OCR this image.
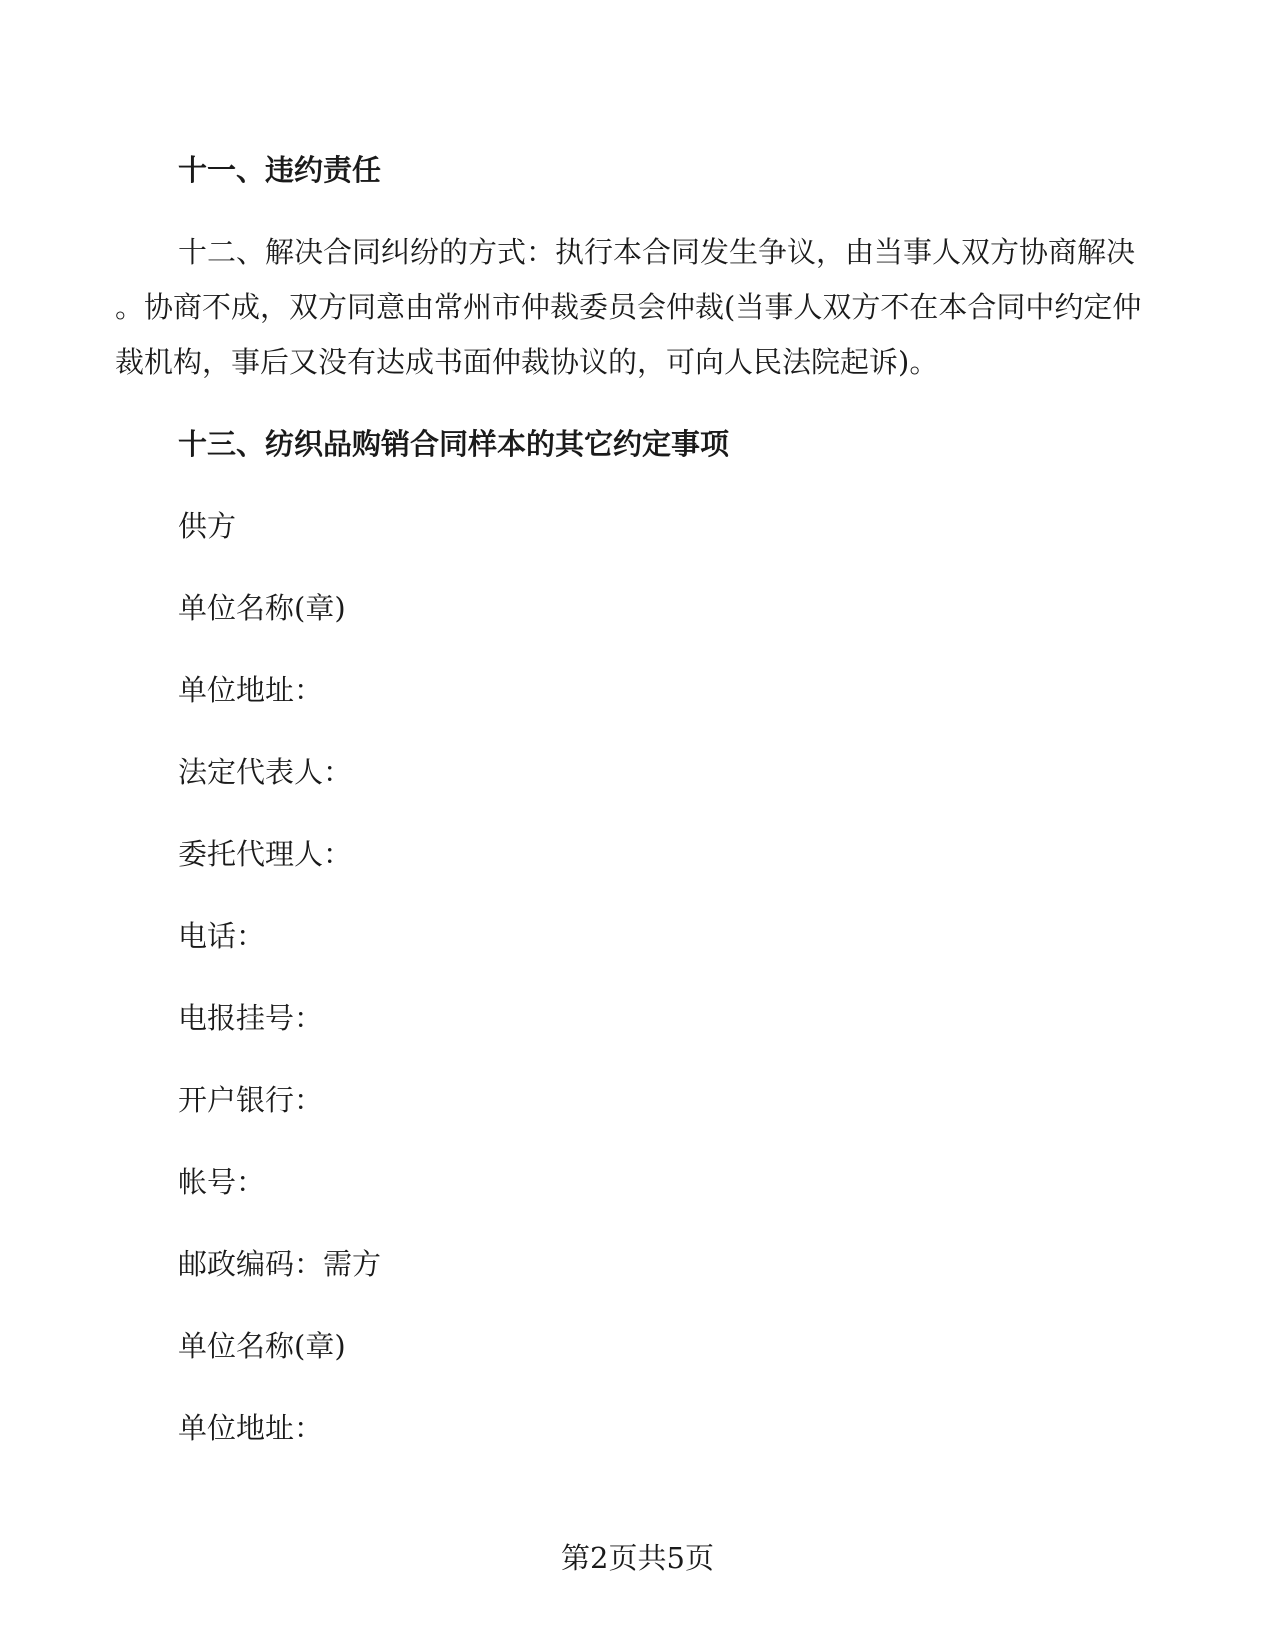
十一、违约责任
十二、解决合同纠纷的方式：执行本合同发生争议，由当事人双方协商解决
。协商不成，双方同意由常州市仲裁委员会仲裁(当事人双方不在本合同中约定仲
裁机构，事后又没有达成书面仲裁协议的，可向人民法院起诉)。
十三、纺织品购销合同样本的其它约定事项
供方
单位名称(章)
单位地址：
法定代表人：
委托代理人：
电话：
电报挂号：
开户银行：
帐号：
邮政编码：需方
单位名称(章)
单位地址：
第2页共5页
